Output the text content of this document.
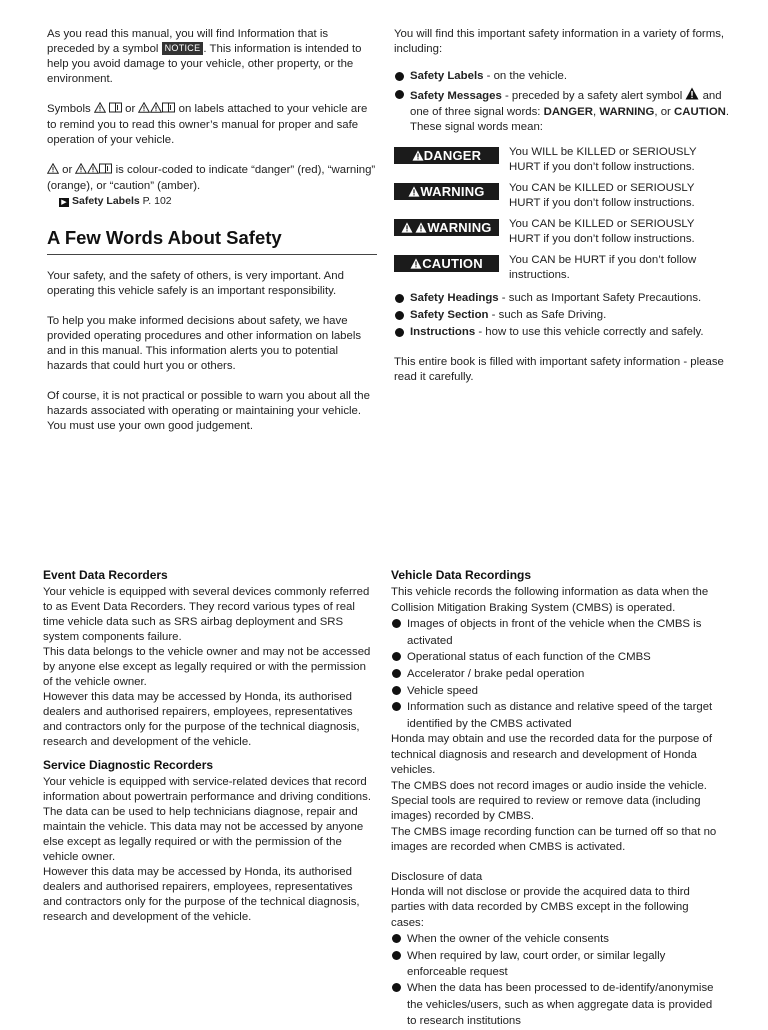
As you read this manual, you will find Information that is preceded by a symbol NOTICE . This information is intended to help you avoid damage to your vehicle, other property, or the environment.

Symbols   or	on labels attached to your vehicle are to remind you to read this owner’s manual for proper and safe operation of your vehicle.

or	is colour-coded to indicate “danger” (red), “warning” (orange), or “caution” (amber).

▶ Safety Labels P. 102
A Few Words About Safety

Your safety, and the safety of others, is very important. And operating this vehicle safely is an important responsibility.

To help you make informed decisions about safety, we have provided operating procedures and other information on labels and in this manual. This information alerts you to potential hazards that could hurt you or others.

Of course, it is not practical or possible to warn you about all the hazards associated with operating or maintaining your vehicle. You must use your own good judgement.

You will find this important safety information in a variety of forms, including:

Safety Labels - on the vehicle.
Safety Messages - preceded by a safety alert symbol  and one of three signal words: DANGER, WARNING, or CAUTION. These signal words mean:
DANGER	You WILL be KILLED or SERIOUSLY HURT if you don’t follow instructions.
WARNING	You CAN be KILLED or SERIOUSLY HURT if you don’t follow instructions.
WARNING	You CAN be KILLED or SERIOUSLY HURT if you don’t follow instructions.
CAUTION	You CAN be HURT if you don’t follow instructions.
Safety Headings - such as Important Safety Precautions.
Safety Section - such as Safe Driving.
Instructions - how to use this vehicle correctly and safely.

This entire book is filled with important safety information - please read it carefully.

Event Data Recorders

Your vehicle is equipped with several devices commonly referred to as Event Data Recorders. They record various types of real time vehicle data such as SRS airbag deployment and SRS system components failure.

This data belongs to the vehicle owner and may not be accessed by anyone else except as legally required or with the permission of the vehicle owner.

However this data may be accessed by Honda, its authorised dealers and authorised repairers, employees, representatives and contractors only for the purpose of the technical diagnosis, research and development of the vehicle.

Service Diagnostic Recorders

Your vehicle is equipped with service-related devices that record information about powertrain performance and driving conditions. The data can be used to help technicians diagnose, repair and maintain the vehicle. This data may not be accessed by anyone else except as legally required or with the permission of the vehicle owner.

However this data may be accessed by Honda, its authorised dealers and authorised repairers, employees, representatives and contractors only for the purpose of the technical diagnosis, research and development of the vehicle.

Vehicle Data Recordings

This vehicle records the following information as data when the Collision Mitigation Braking System (CMBS) is operated.

Images of objects in front of the vehicle when the CMBS is activated
Operational status of each function of the CMBS
Accelerator / brake pedal operation
Vehicle speed
Information such as distance and relative speed of the target identified by the CMBS activated

Honda may obtain and use the recorded data for the purpose of technical diagnosis and research and development of Honda vehicles.

The CMBS does not record images or audio inside the vehicle. Special tools are required to review or remove data (including images) recorded by CMBS.

The CMBS image recording function can be turned off so that no images are recorded when CMBS is activated.

Disclosure of data

Honda will not disclose or provide the acquired data to third parties with data recorded by CMBS except in the following cases:

When the owner of the vehicle consents
When required by law, court order, or similar legally enforceable request
When the data has been processed to de-identify/anonymise the vehicles/users, such as when aggregate data is provided to research institutions
